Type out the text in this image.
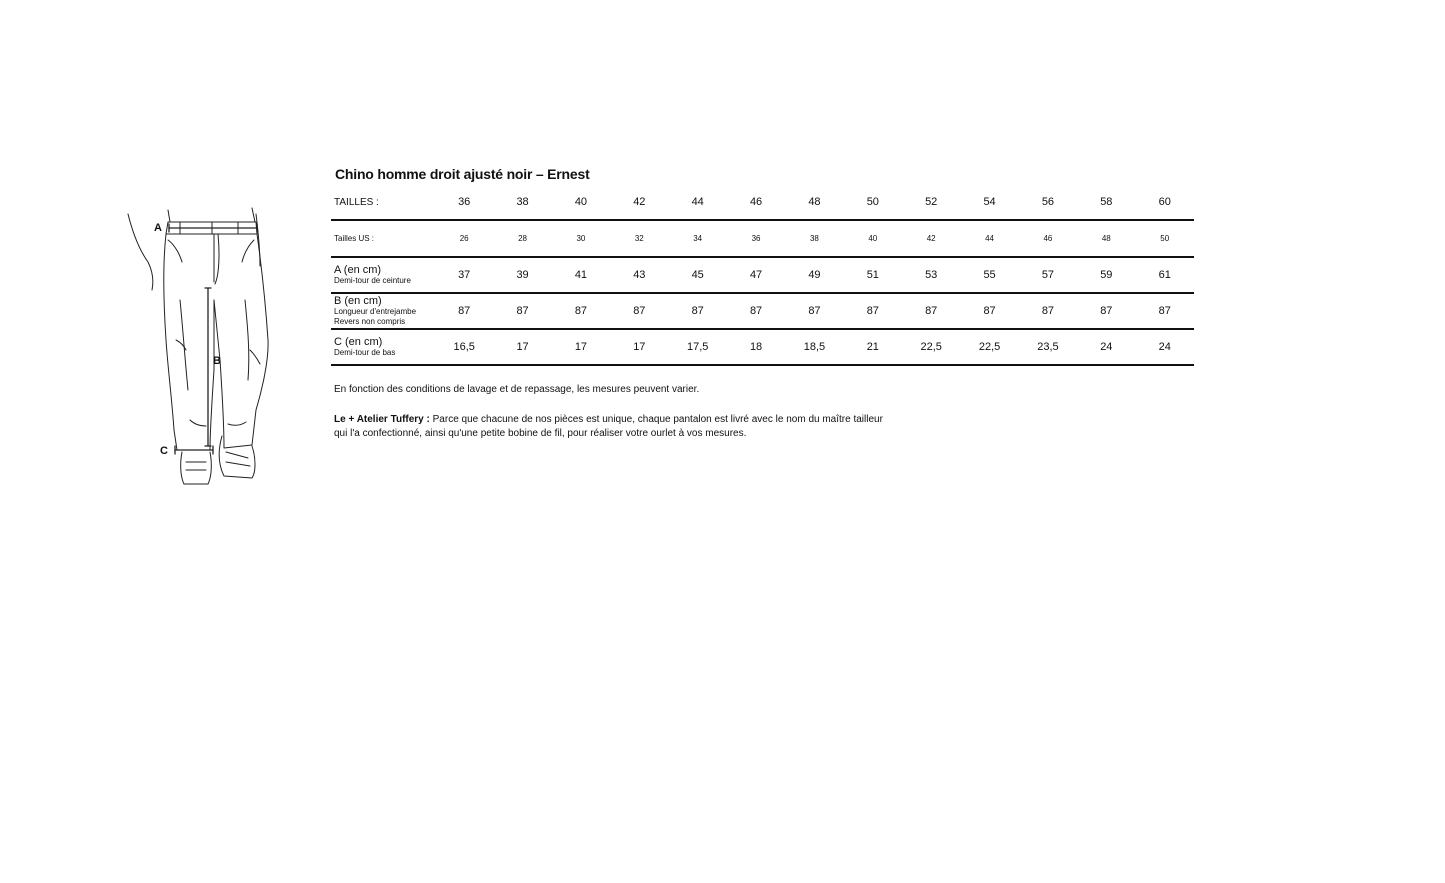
A
B
C
Chino homme droit ajusté noir – Ernest
TAILLES :	36	38	40	42	44	46	48	50	52	54	56	58	60
Tailles US :	26	28	30	32	34	36	38	40	42	44	46	48	50

A (en cm)
Demi-tour de ceinture	37	39	41	43	45	47	49	51	53	55	57	59	61

B (en cm)
Longueur d'entrejambe
Revers non compris	87	87	87	87	87	87	87	87	87	87	87	87	87

C (en cm)
Demi-tour de bas	16,5	17	17	17	17,5	18	18,5	21	22,5	22,5	23,5	24	24
En fonction des conditions de lavage et de repassage, les mesures peuvent varier.
Le + Atelier Tuffery : Parce que chacune de nos pièces est unique, chaque pantalon est livré avec le nom du maître tailleur qui l'a confectionné, ainsi qu'une petite bobine de fil, pour réaliser votre ourlet à vos mesures.
